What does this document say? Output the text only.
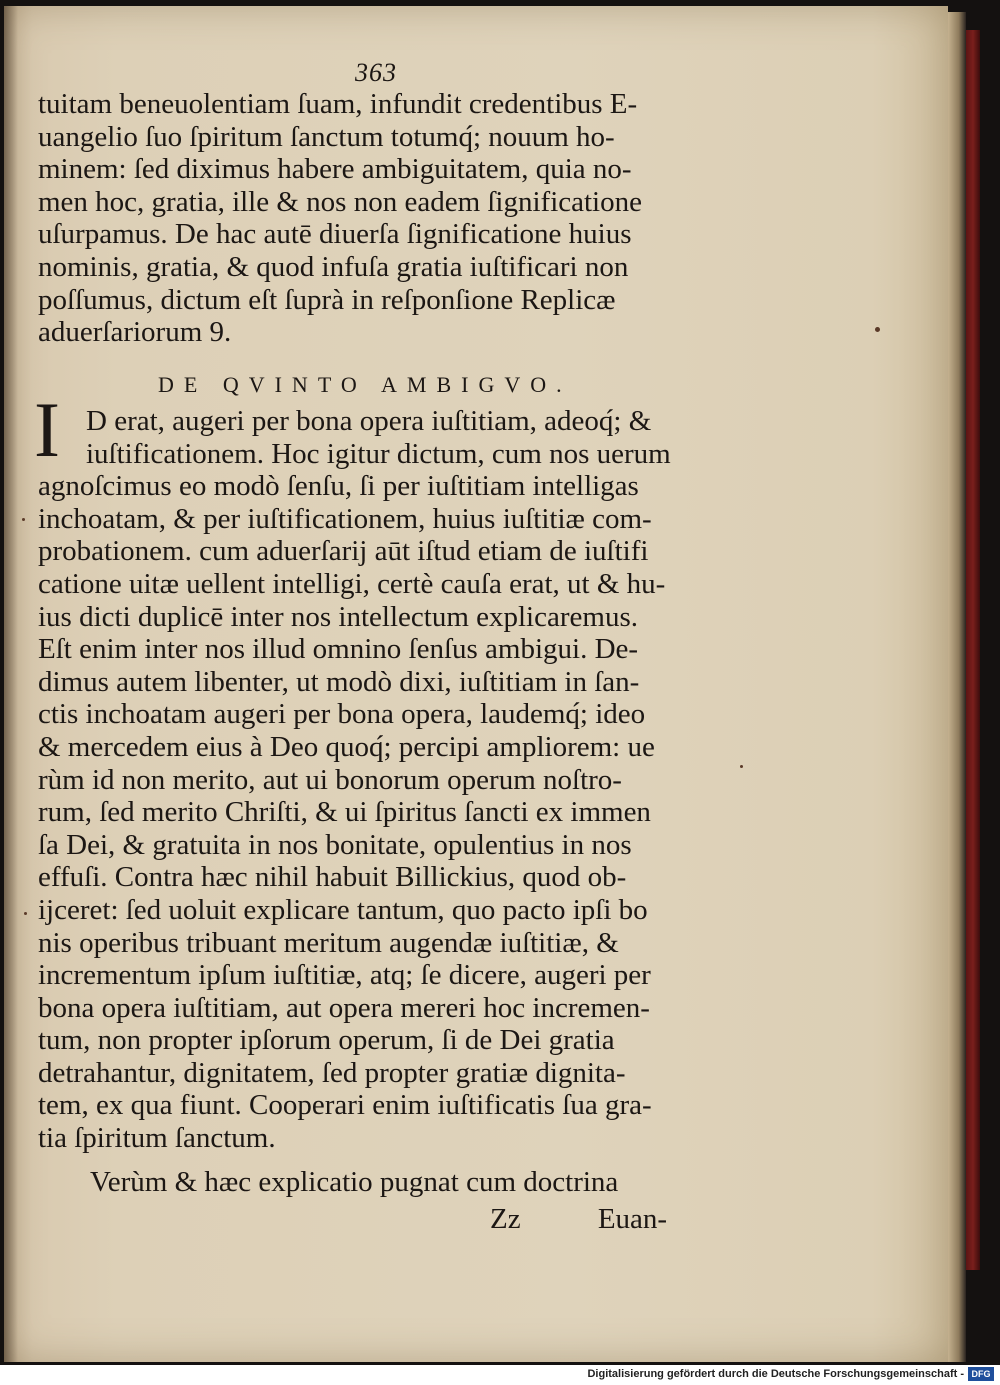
363
tuitam beneuolentiam ſuam, infundit credentibus E-
uangelio ſuo ſpiritum ſanctum totumq́; nouum ho-
minem: ſed diximus habere ambiguitatem, quia no-
men hoc, gratia, ille & nos non eadem ſignificatione
uſurpamus. De hac autē diuerſa ſignificatione huius
nominis, gratia, & quod infuſa gratia iuſtificari non
poſſumus, dictum eſt ſuprà in reſponſione Replicæ
aduerſariorum 9.
DE QVINTO AMBIGVO.
I D erat, augeri per bona opera iuſtitiam, adeoq́; &
iuſtificationem. Hoc igitur dictum, cum nos uerum
agnoſcimus eo modò ſenſu, ſi per iuſtitiam intelligas
inchoatam, & per iuſtificationem, huius iuſtitiæ com-
probationem. cum aduerſarij aūt iſtud etiam de iuſtifi
catione uitæ uellent intelligi, certè cauſa erat, ut & hu-
ius dicti duplicē inter nos intellectum explicaremus.
Eſt enim inter nos illud omnino ſenſus ambigui. De-
dimus autem libenter, ut modò dixi, iuſtitiam in ſan-
ctis inchoatam augeri per bona opera, laudemq́; ideo
& mercedem eius à Deo quoq́; percipi ampliorem: ue
rùm id non merito, aut ui bonorum operum noſtro-
rum, ſed merito Chriſti, & ui ſpiritus ſancti ex immen
ſa Dei, & gratuita in nos bonitate, opulentius in nos
effuſi. Contra hæc nihil habuit Billickius, quod ob-
ijceret: ſed uoluit explicare tantum, quo pacto ipſi bo
nis operibus tribuant meritum augendæ iuſtitiæ, &
incrementum ipſum iuſtitiæ, atq; ſe dicere, augeri per
bona opera iuſtitiam, aut opera mereri hoc incremen-
tum, non propter ipſorum operum, ſi de Dei gratia
detrahantur, dignitatem, ſed propter gratiæ dignita-
tem, ex qua fiunt. Cooperari enim iuſtificatis ſua gra-
tia ſpiritum ſanctum.
Verùm & hæc explicatio pugnat cum doctrina
Zz	Euan-
Digitalisierung gefördert durch die Deutsche Forschungsgemeinschaft - DFG
